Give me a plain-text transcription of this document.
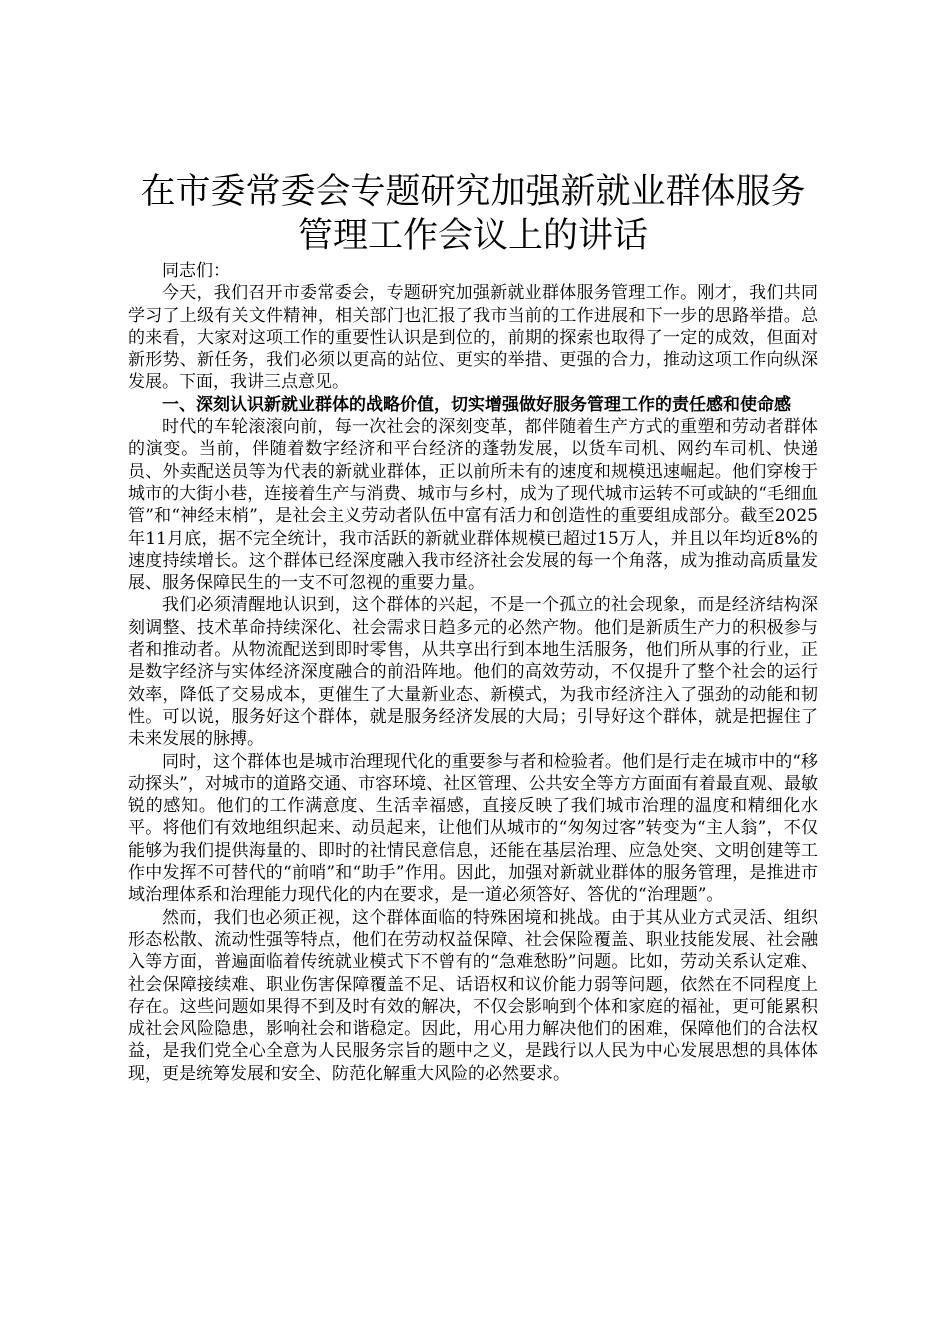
在市委常委会专题研究加强新就业群体服务管理工作会议上的讲话

同志们：

今天，我们召开市委常委会，专题研究加强新就业群体服务管理工作。刚才，我们共同学习了上级有关文件精神，相关部门也汇报了我市当前的工作进展和下一步的思路举措。总的来看，大家对这项工作的重要性认识是到位的，前期的探索也取得了一定的成效，但面对新形势、新任务，我们必须以更高的站位、更实的举措、更强的合力，推动这项工作向纵深发展。下面，我讲三点意见。

一、深刻认识新就业群体的战略价值，切实增强做好服务管理工作的责任感和使命感

时代的车轮滚滚向前，每一次社会的深刻变革，都伴随着生产方式的重塑和劳动者群体的演变。当前，伴随着数字经济和平台经济的蓬勃发展，以货车司机、网约车司机、快递员、外卖配送员等为代表的新就业群体，正以前所未有的速度和规模迅速崛起。他们穿梭于城市的大街小巷，连接着生产与消费、城市与乡村，成为了现代城市运转不可或缺的“毛细血管”和“神经末梢”，是社会主义劳动者队伍中富有活力和创造性的重要组成部分。截至2025年11月底，据不完全统计，我市活跃的新就业群体规模已超过15万人，并且以年均近8%的速度持续增长。这个群体已经深度融入我市经济社会发展的每一个角落，成为推动高质量发展、服务保障民生的一支不可忽视的重要力量。

我们必须清醒地认识到，这个群体的兴起，不是一个孤立的社会现象，而是经济结构深刻调整、技术革命持续深化、社会需求日趋多元的必然产物。他们是新质生产力的积极参与者和推动者。从物流配送到即时零售，从共享出行到本地生活服务，他们所从事的行业，正是数字经济与实体经济深度融合的前沿阵地。他们的高效劳动，不仅提升了整个社会的运行效率，降低了交易成本，更催生了大量新业态、新模式，为我市经济注入了强劲的动能和韧性。可以说，服务好这个群体，就是服务经济发展的大局；引导好这个群体，就是把握住了未来发展的脉搏。

同时，这个群体也是城市治理现代化的重要参与者和检验者。他们是行走在城市中的“移动探头”，对城市的道路交通、市容环境、社区管理、公共安全等方方面面有着最直观、最敏锐的感知。他们的工作满意度、生活幸福感，直接反映了我们城市治理的温度和精细化水平。将他们有效地组织起来、动员起来，让他们从城市的“匆匆过客”转变为“主人翁”，不仅能够为我们提供海量的、即时的社情民意信息，还能在基层治理、应急处突、文明创建等工作中发挥不可替代的“前哨”和“助手”作用。因此，加强对新就业群体的服务管理，是推进市域治理体系和治理能力现代化的内在要求，是一道必须答好、答优的“治理题”。

然而，我们也必须正视，这个群体面临的特殊困境和挑战。由于其从业方式灵活、组织形态松散、流动性强等特点，他们在劳动权益保障、社会保险覆盖、职业技能发展、社会融入等方面，普遍面临着传统就业模式下不曾有的“急难愁盼”问题。比如，劳动关系认定难、社会保障接续难、职业伤害保障覆盖不足、话语权和议价能力弱等问题，依然在不同程度上存在。这些问题如果得不到及时有效的解决，不仅会影响到个体和家庭的福祉，更可能累积成社会风险隐患，影响社会和谐稳定。因此，用心用力解决他们的困难，保障他们的合法权益，是我们党全心全意为人民服务宗旨的题中之义，是践行以人民为中心发展思想的具体体现，更是统筹发展和安全、防范化解重大风险的必然要求。
